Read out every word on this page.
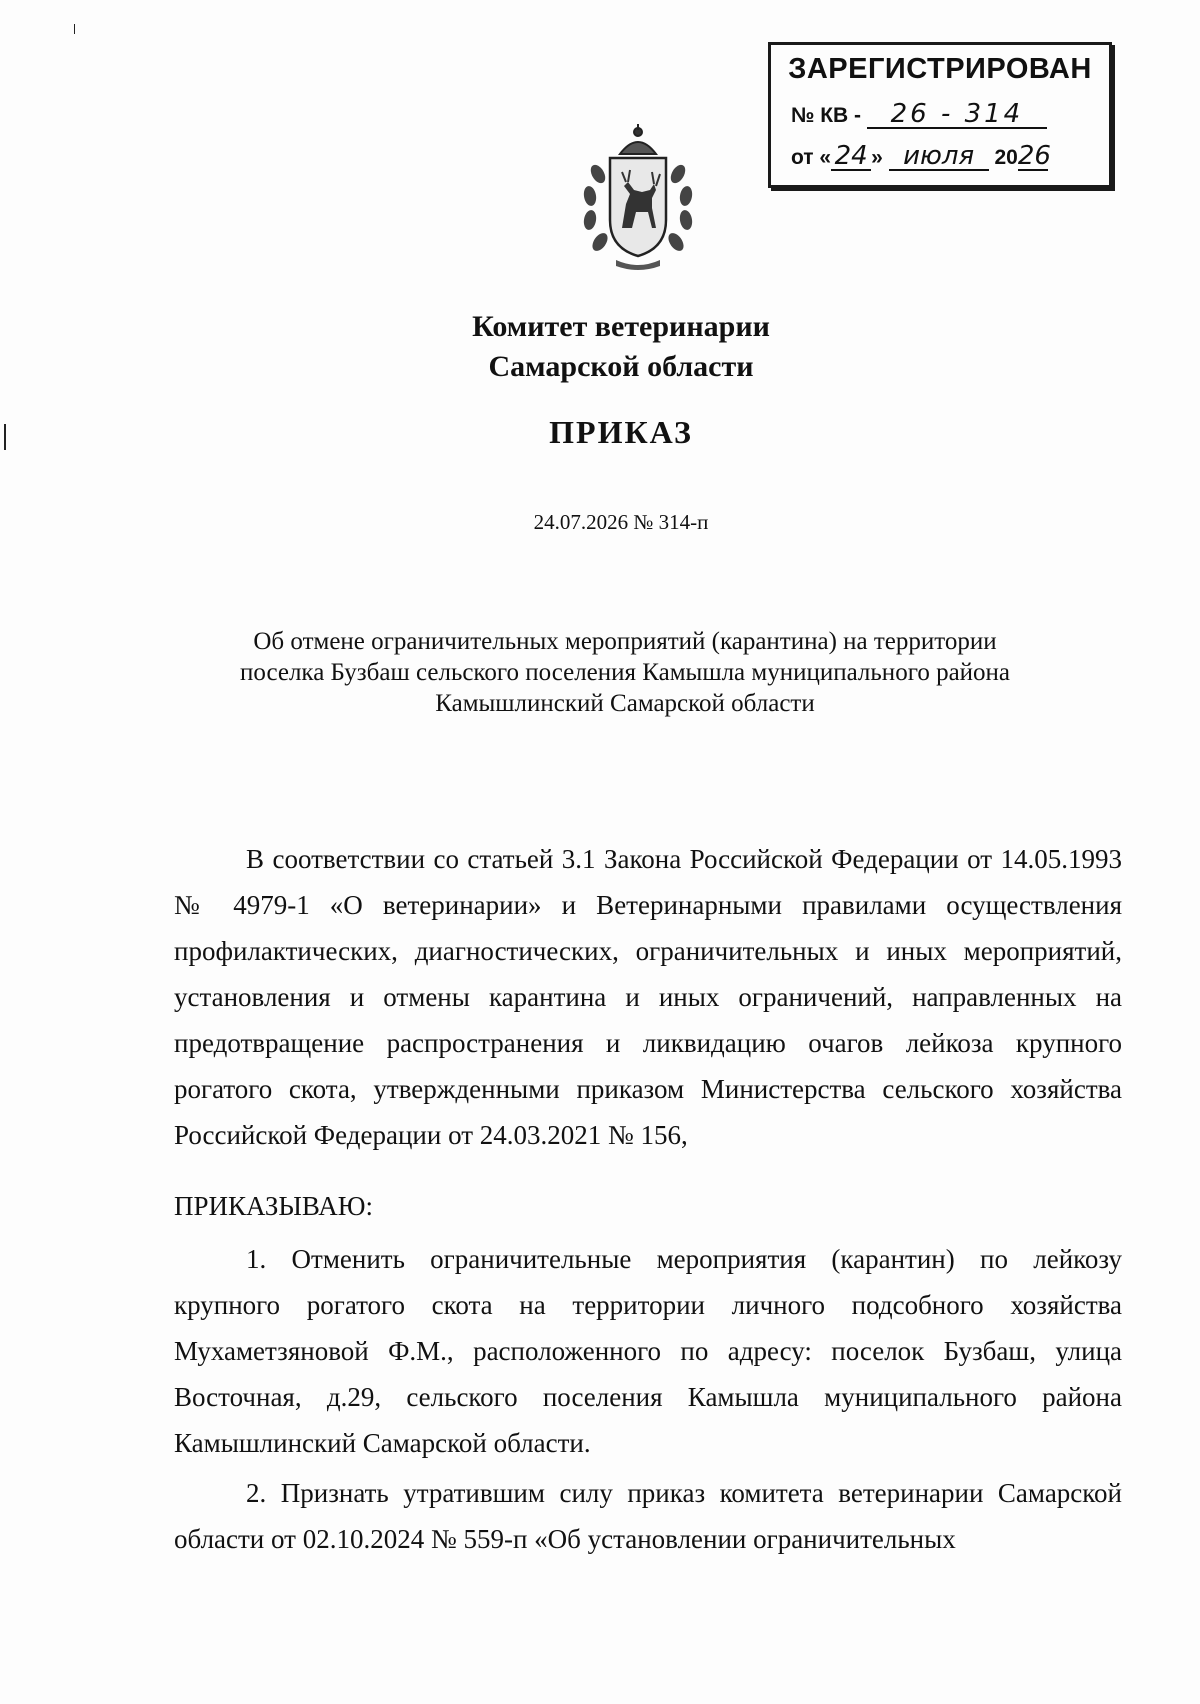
ЗАРЕГИСТРИРОВАН
№ КВ - 26 - 314
от « 24 » июля 2026
Комитет ветеринарии
Самарской области
ПРИКАЗ
24.07.2026 № 314-п
Об отмене ограничительных мероприятий (карантина) на территории
поселка Бузбаш сельского поселения Камышла муниципального района
Камышлинский Самарской области

В соответствии со статьей 3.1 Закона Российской Федерации от 14.05.1993 № 4979-1 «О ветеринарии» и Ветеринарными правилами осуществления профилактических, диагностических, ограничительных и иных мероприятий, установления и отмены карантина и иных ограничений, направленных на предотвращение распространения и ликвидацию очагов лейкоза крупного рогатого скота, утвержденными приказом Министерства сельского хозяйства Российской Федерации от 24.03.2021 № 156,

ПРИКАЗЫВАЮ:

1. Отменить ограничительные мероприятия (карантин) по лейкозу крупного рогатого скота на территории личного подсобного хозяйства Мухаметзяновой Ф.М., расположенного по адресу: поселок Бузбаш, улица Восточная, д.29, сельского поселения Камышла муниципального района Камышлинский Самарской области.

2. Признать утратившим силу приказ комитета ветеринарии Самарской области от 02.10.2024 № 559-п «Об установлении ограничительных
